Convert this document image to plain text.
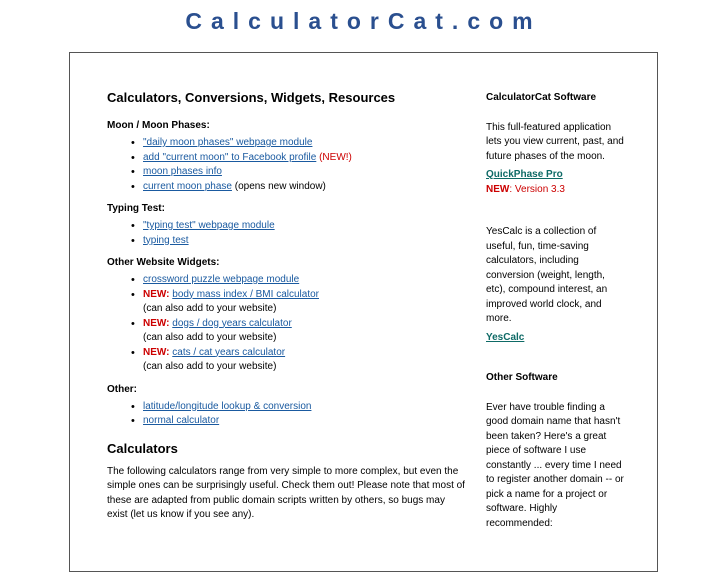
CalculatorCat.com
Calculators, Conversions, Widgets, Resources
Moon / Moon Phases:
• "daily moon phases" webpage module
• add "current moon" to Facebook profile (NEW!)
• moon phases info
• current moon phase (opens new window)
Typing Test:
• "typing test" webpage module
• typing test
Other Website Widgets:
• crossword puzzle webpage module
• NEW: body mass index / BMI calculator
(can also add to your website)
• NEW: dogs / dog years calculator
(can also add to your website)
• NEW: cats / cat years calculator
(can also add to your website)
Other:
• latitude/longitude lookup & conversion
• normal calculator
Calculators

The following calculators range from very simple to more complex, but even the simple ones can be surprisingly useful. Check them out! Please note that most of these are adapted from public domain scripts written by others, so bugs may exist (let us know if you see any).

CalculatorCat Software

This full-featured application lets you view current, past, and future phases of the moon.

QuickPhase Pro
NEW: Version 3.3

YesCalc is a collection of useful, fun, time-saving calculators, including conversion (weight, length, etc), compound interest, an improved world clock, and more.

YesCalc
Other Software

Ever have trouble finding a good domain name that hasn't been taken? Here's a great piece of software I use constantly ... every time I need to register another domain -- or pick a name for a project or software. Highly recommended:
